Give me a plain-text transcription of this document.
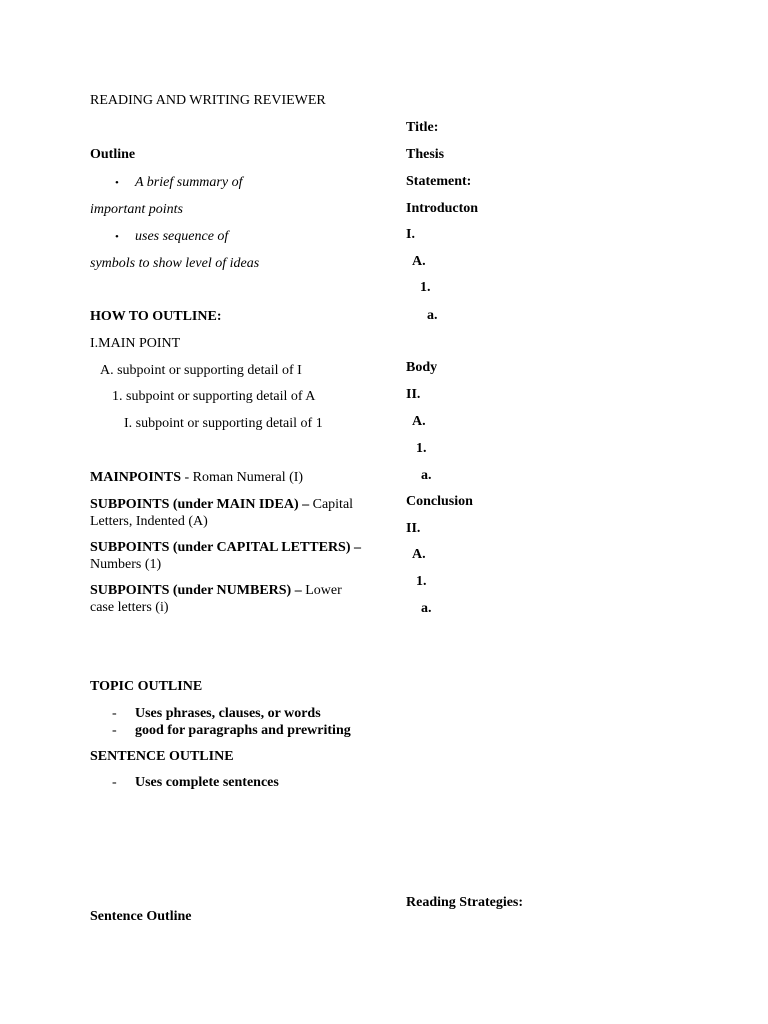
READING AND WRITING REVIEWER
Outline
• A brief summary of
important points
• uses sequence of
symbols to show level of ideas
HOW TO OUTLINE:
I.MAIN POINT
A. subpoint or supporting detail of I
1. subpoint or supporting detail of A
I. subpoint or supporting detail of 1
MAINPOINTS - Roman Numeral (I)
SUBPOINTS (under MAIN IDEA) – Capital Letters, Indented (A)
SUBPOINTS (under CAPITAL LETTERS) – Numbers (1)
SUBPOINTS (under NUMBERS) – Lower case letters (i)
TOPIC OUTLINE
- Uses phrases, clauses, or words
- good for paragraphs and prewriting
SENTENCE OUTLINE
- Uses complete sentences
Sentence Outline
Title:
Thesis
Statement:
Introducton
I.
A.
1.
a.
Body
II.
A.
1.
a.
Conclusion
II.
A.
1.
a.
Reading Strategies:
